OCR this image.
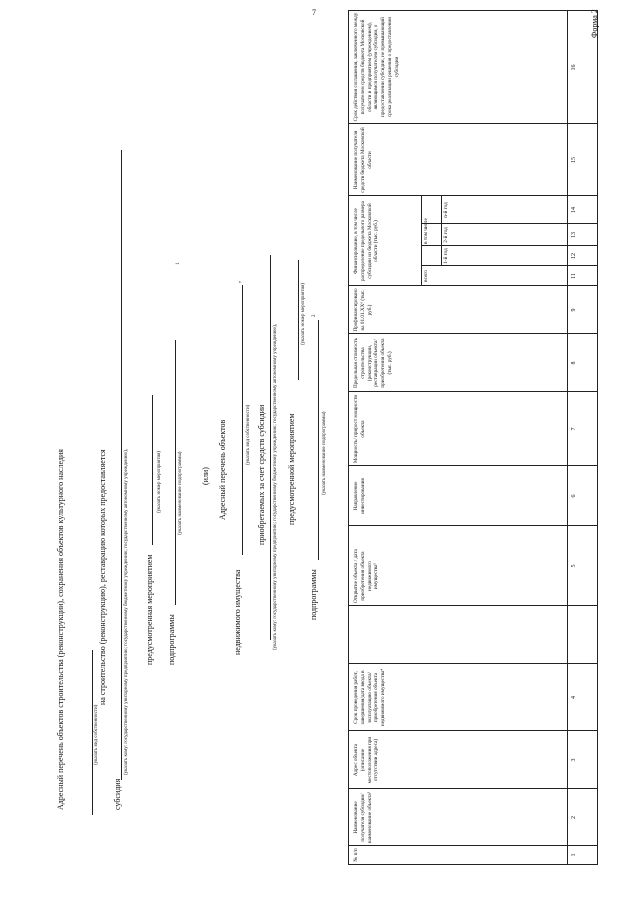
7	Форма 2
Адресный перечень объектов строительства (реконструкции), сохранения объектов культурного наследия	(указать вид собственности)
на строительство (реконструкцию), реставрацию которых предоставляется
субсидия
(указать кому: государственному унитарному предприятию; государственному бюджетному учреждению; государственному автономному учреждению), предусмотренная мероприятием
(указать номер мероприятия)
подпрограммы
(указать наименование подпрограммы)
1
(или) Адресный перечень объектов
недвижимого имущества
,
(указать вид собственности) приобретаемых за счет средств субсидии (указать кому: государственному унитарному предприятию; государственному бюджетному учреждению; государственному автономному учреждению), предусмотренной мероприятием
(указать номер мероприятия)
подпрограммы
2
(указать наименование подпрограммы)
№ п/п
Наименование получателя субсидии/ наименование объекта³
Адрес объекта (описание местоположения при отсутствии адреса)
Срок проведения работ, завершения/дата ввода в эксплуатацию объекта/ приобретения объекта недвижимого имущества⁴
Открытие объекта / дата приобретения объекта недвижимого имущества⁵
Направление инвестирования
Мощность/ прирост мощности объекта
Предельная стоимость строительства (реконструкции, реставрации объекта/приобретения объекта (тыс. руб.)
Профинансировано на 01.01.XX⁶ (тыс. руб.)
Финансирование, в том числе распределение предельного размера субсидии из бюджета Московской области (тыс. руб.)
всего
в том числе
1-й год
2-й год
n-й год
Наименование получателя средств бюджета Московской области
Срок действия соглашения, заключенного между получателем средств бюджета Московской области и предприятием (учреждением), являющимся получателем субсидии, о предоставлении субсидии, не превышающий срока реализации решения о предоставлении субсидии
1
2
3
4
5
6
7
8
9
11
12
13
14
15
16
